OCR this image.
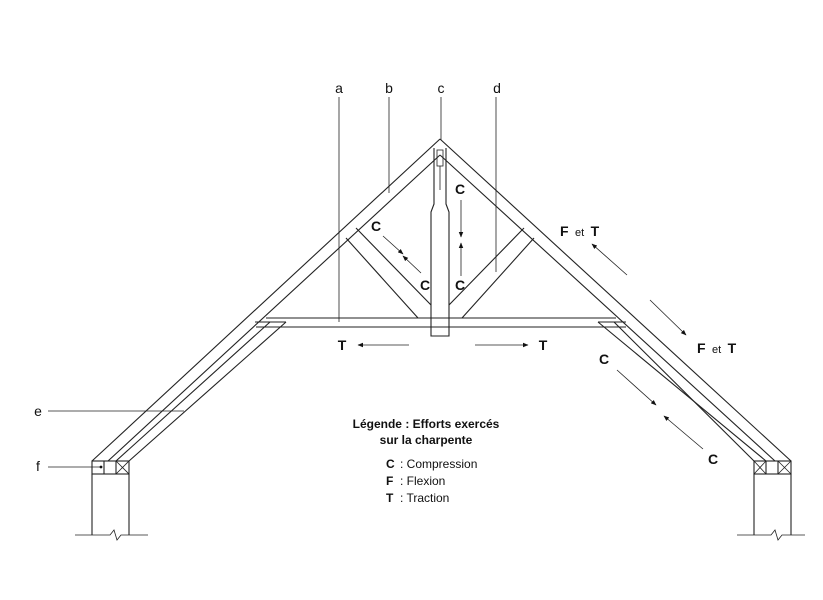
a	b	c	d
e
f
C
C
C
C
F et T
F et T
T	T
C
C
Légende : Efforts exercés
sur la charpente
C : Compression
F : Flexion
T : Traction
